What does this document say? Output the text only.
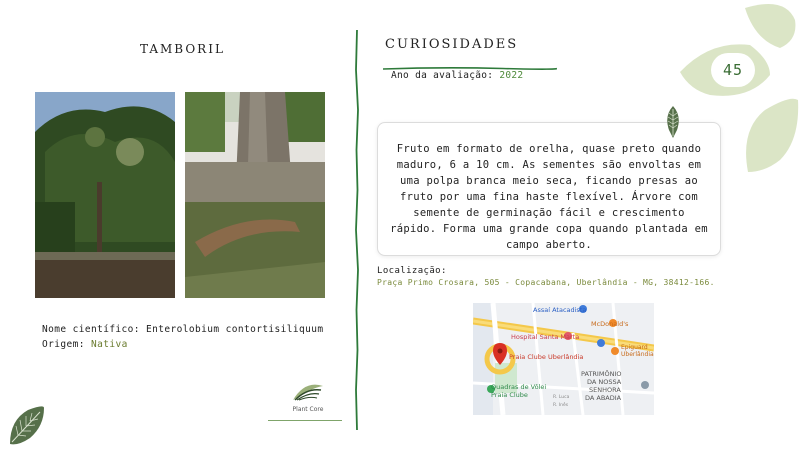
TAMBORIL
Nome científico: Enterolobium contortisiliquum
Origem: Nativa
Plant Core
CURIOSIDADES
Ano da avaliação: 2022
Fruto em formato de orelha, quase preto quando maduro, 6 a 10 cm. As sementes são envoltas em uma polpa branca meio seca, ficando presas ao fruto por uma fina haste flexível. Árvore com semente de germinação fácil e crescimento rápido. Forma uma grande copa quando plantada em campo aberto.
Localização:
Praça Primo Crosara, 505 - Copacabana, Uberlândia - MG, 38412-166.
Assaí Atacadista
McDonald's
Hospital Santa Marta
Praia Clube Uberlândia
Epiguard
Uberlândia
PATRIMÔNIO
DA NOSSA
SENHORA
DA ABADIA
Quadras de Vôlei
Praia Clube	R. Luca
R. Inês
45
